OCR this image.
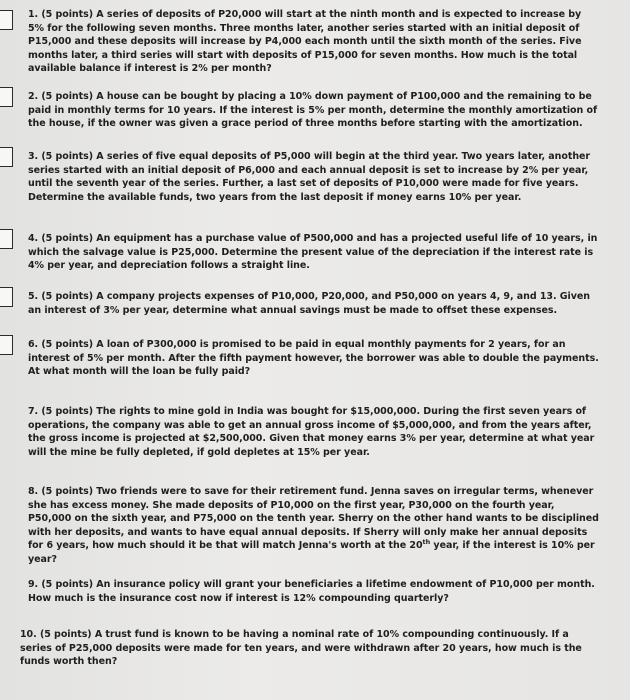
1. (5 points) A series of deposits of P20,000 will start at the ninth month and is expected to increase by 5% for the following seven months. Three months later, another series started with an initial deposit of P15,000 and these deposits will increase by P4,000 each month until the sixth month of the series. Five months later, a third series will start with deposits of P15,000 for seven months. How much is the total available balance if interest is 2% per month?
2. (5 points) A house can be bought by placing a 10% down payment of P100,000 and the remaining to be paid in monthly terms for 10 years. If the interest is 5% per month, determine the monthly amortization of the house, if the owner was given a grace period of three months before starting with the amortization.
3. (5 points) A series of five equal deposits of P5,000 will begin at the third year. Two years later, another series started with an initial deposit of P6,000 and each annual deposit is set to increase by 2% per year, until the seventh year of the series. Further, a last set of deposits of P10,000 were made for five years. Determine the available funds, two years from the last deposit if money earns 10% per year.
4. (5 points) An equipment has a purchase value of P500,000 and has a projected useful life of 10 years, in which the salvage value is P25,000. Determine the present value of the depreciation if the interest rate is 4% per year, and depreciation follows a straight line.
5. (5 points) A company projects expenses of P10,000, P20,000, and P50,000 on years 4, 9, and 13. Given an interest of 3% per year, determine what annual savings must be made to offset these expenses.
6. (5 points) A loan of P300,000 is promised to be paid in equal monthly payments for 2 years, for an interest of 5% per month. After the fifth payment however, the borrower was able to double the payments. At what month will the loan be fully paid?
7. (5 points) The rights to mine gold in India was bought for $15,000,000. During the first seven years of operations, the company was able to get an annual gross income of $5,000,000, and from the years after, the gross income is projected at $2,500,000. Given that money earns 3% per year, determine at what year will the mine be fully depleted, if gold depletes at 15% per year.
8. (5 points) Two friends were to save for their retirement fund. Jenna saves on irregular terms, whenever she has excess money. She made deposits of P10,000 on the first year, P30,000 on the fourth year, P50,000 on the sixth year, and P75,000 on the tenth year. Sherry on the other hand wants to be disciplined with her deposits, and wants to have equal annual deposits. If Sherry will only make her annual deposits for 6 years, how much should it be that will match Jenna's worth at the 20th year, if the interest is 10% per year?
9. (5 points) An insurance policy will grant your beneficiaries a lifetime endowment of P10,000 per month. How much is the insurance cost now if interest is 12% compounding quarterly?
10. (5 points) A trust fund is known to be having a nominal rate of 10% compounding continuously. If a series of P25,000 deposits were made for ten years, and were withdrawn after 20 years, how much is the funds worth then?
